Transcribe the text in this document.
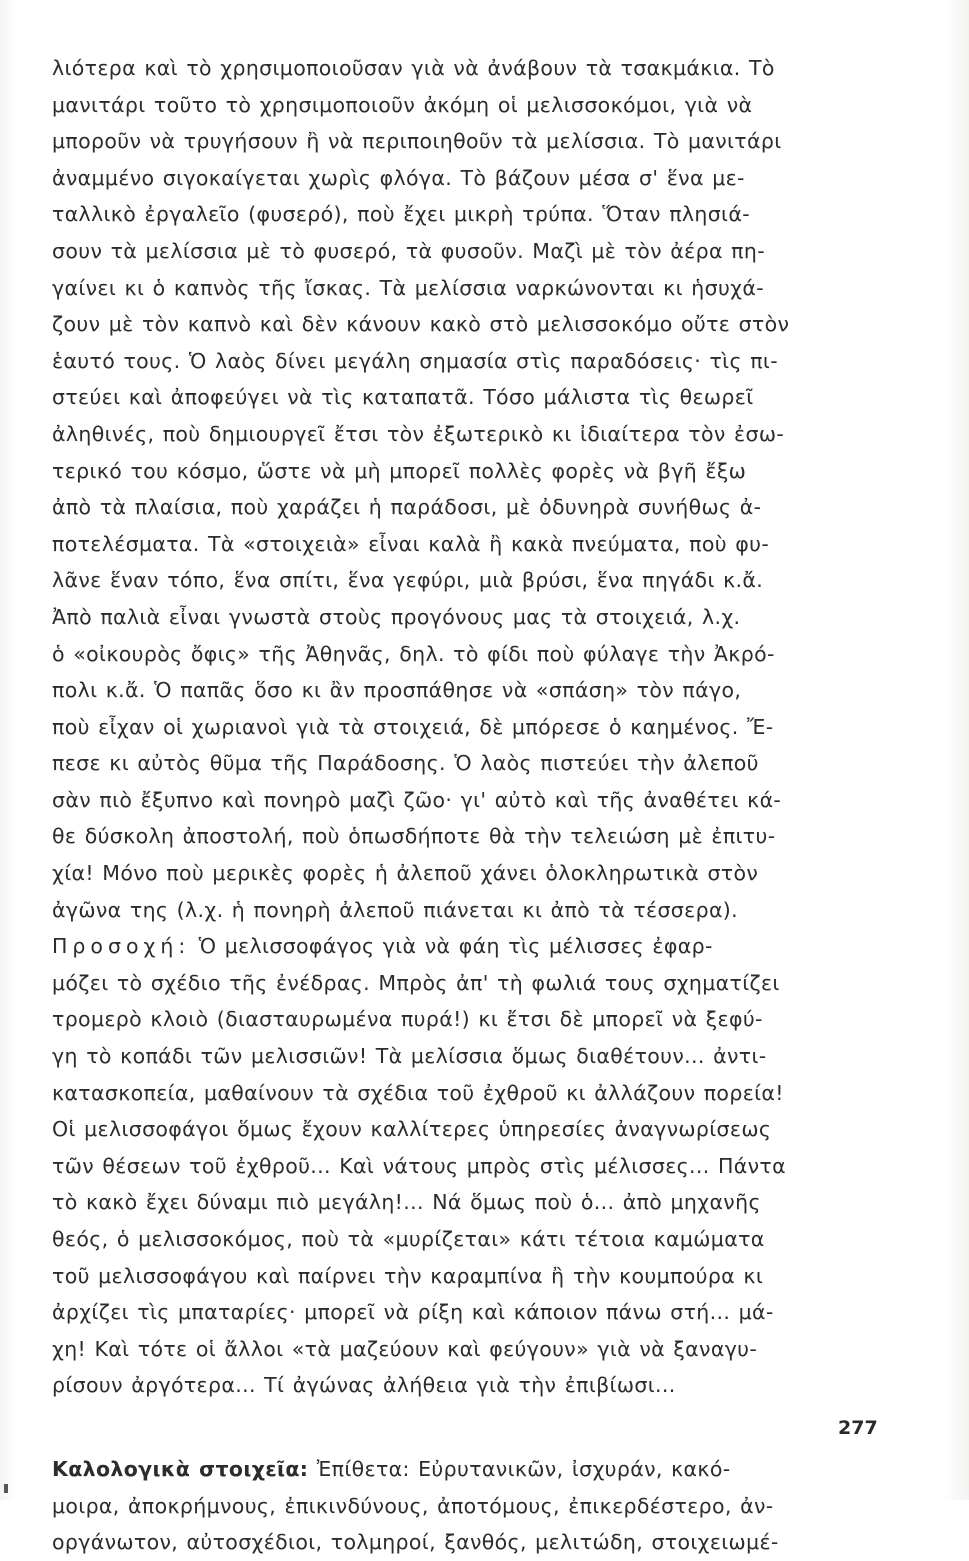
λιότερα καὶ τὸ χρησιμοποιοῦσαν γιὰ νὰ ἀνάβουν τὰ τσακμάκια. Τὸ
μανιτάρι τοῦτο τὸ χρησιμοποιοῦν ἀκόμη οἱ μελισσοκόμοι, γιὰ νὰ
μποροῦν νὰ τρυγήσουν ἢ νὰ περιποιηθοῦν τὰ μελίσσια. Τὸ μανιτάρι
ἀναμμένο σιγοκαίγεται χωρὶς φλόγα. Τὸ βάζουν μέσα σ' ἕνα με-
ταλλικὸ ἐργαλεῖο (φυσερό), ποὺ ἔχει μικρὴ τρύπα. Ὅταν πλησιά-
σουν τὰ μελίσσια μὲ τὸ φυσερό, τὰ φυσοῦν. Μαζὶ μὲ τὸν ἀέρα πη-
γαίνει κι ὁ καπνὸς τῆς ἴσκας. Τὰ μελίσσια ναρκώνονται κι ἡσυχά-
ζουν μὲ τὸν καπνὸ καὶ δὲν κάνουν κακὸ στὸ μελισσοκόμο οὔτε στὸν
ἑαυτό τους. Ὁ λαὸς δίνει μεγάλη σημασία στὶς παραδόσεις· τὶς πι-
στεύει καὶ ἀποφεύγει νὰ τὶς καταπατᾶ. Τόσο μάλιστα τὶς θεωρεῖ
ἀληθινές, ποὺ δημιουργεῖ ἔτσι τὸν ἐξωτερικὸ κι ἰδιαίτερα τὸν ἐσω-
τερικό του κόσμο, ὥστε νὰ μὴ μπορεῖ πολλὲς φορὲς νὰ βγῆ ἔξω
ἀπὸ τὰ πλαίσια, ποὺ χαράζει ἡ παράδοσι, μὲ ὀδυνηρὰ συνήθως ἀ-
ποτελέσματα. Τὰ «στοιχειὰ» εἶναι καλὰ ἢ κακὰ πνεύματα, ποὺ φυ-
λᾶνε ἕναν τόπο, ἕνα σπίτι, ἕνα γεφύρι, μιὰ βρύσι, ἕνα πηγάδι κ.ἄ.
Ἀπὸ παλιὰ εἶναι γνωστὰ στοὺς προγόνους μας τὰ στοιχειά, λ.χ.
ὁ «οἰκουρὸς ὄφις» τῆς Ἀθηνᾶς, δηλ. τὸ φίδι ποὺ φύλαγε τὴν Ἀκρό-
πολι κ.ἄ. Ὁ παπᾶς ὅσο κι ἂν προσπάθησε νὰ «σπάση» τὸν πάγο,
ποὺ εἶχαν οἱ χωριανοὶ γιὰ τὰ στοιχειά, δὲ μπόρεσε ὁ καημένος. Ἔ-
πεσε κι αὐτὸς θῦμα τῆς Παράδοσης. Ὁ λαὸς πιστεύει τὴν ἀλεποῦ
σὰν πιὸ ἔξυπνο καὶ πονηρὸ μαζὶ ζῶο· γι' αὐτὸ καὶ τῆς ἀναθέτει κά-
θε δύσκολη ἀποστολή, ποὺ ὁπωσδήποτε θὰ τὴν τελειώση μὲ ἐπιτυ-
χία! Μόνο ποὺ μερικὲς φορὲς ἡ ἀλεποῦ χάνει ὁλοκληρωτικὰ στὸν
ἀγῶνα της (λ.χ. ἡ πονηρὴ ἀλεποῦ πιάνεται κι ἀπὸ τὰ τέσσερα).
Προσοχή: Ὁ μελισσοφάγος γιὰ νὰ φάη τὶς μέλισσες ἐφαρ-
μόζει τὸ σχέδιο τῆς ἐνέδρας. Μπρὸς ἀπ' τὴ φωλιά τους σχηματίζει
τρομερὸ κλοιὸ (διασταυρωμένα πυρά!) κι ἔτσι δὲ μπορεῖ νὰ ξεφύ-
γη τὸ κοπάδι τῶν μελισσιῶν! Τὰ μελίσσια ὅμως διαθέτουν... ἀντι-
κατασκοπεία, μαθαίνουν τὰ σχέδια τοῦ ἐχθροῦ κι ἀλλάζουν πορεία!
Οἱ μελισσοφάγοι ὅμως ἔχουν καλλίτερες ὑπηρεσίες ἀναγνωρίσεως
τῶν θέσεων τοῦ ἐχθροῦ... Καὶ νάτους μπρὸς στὶς μέλισσες... Πάντα
τὸ κακὸ ἔχει δύναμι πιὸ μεγάλη!... Νά ὅμως ποὺ ὁ... ἀπὸ μηχανῆς
θεός, ὁ μελισσοκόμος, ποὺ τὰ «μυρίζεται» κάτι τέτοια καμώματα
τοῦ μελισσοφάγου καὶ παίρνει τὴν καραμπίνα ἢ τὴν κουμπούρα κι
ἀρχίζει τὶς μπαταρίες· μπορεῖ νὰ ρίξη καὶ κάποιον πάνω στή... μά-
χη! Καὶ τότε οἱ ἄλλοι «τὰ μαζεύουν καὶ φεύγουν» γιὰ νὰ ξαναγυ-
ρίσουν ἀργότερα... Τί ἀγώνας ἀλήθεια γιὰ τὴν ἐπιβίωσι...
Καλολογικὰ στοιχεῖα: Ἐπίθετα: Εὐρυτανικῶν, ἰσχυράν, κακό-
μοιρα, ἀποκρήμνους, ἐπικινδύνους, ἀποτόμους, ἐπικερδέστερο, ἀν-
οργάνωτον, αὐτοσχέδιοι, τολμηροί, ξανθός, μελιτώδη, στοιχειωμέ-
277
